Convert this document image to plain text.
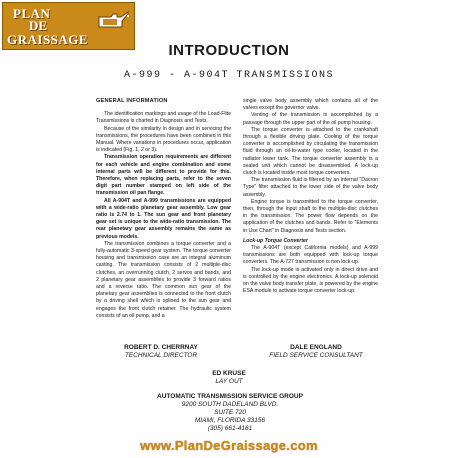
PLAN
DE
GRAISSAGE
INTRODUCTION
A-999 - A-904T TRANSMISSIONS

GENERAL INFORMATION

The identification markings and usage of the Load-Flite Transmissions is charted in Diagnosis and Tests.

Because of the similarity in design and in servicing the transmissions, the procedures have been combined in this Manual. Where variations in procedures occur, application is indicated (Fig. 1, 2 or 3).

Transmission operation requirements are different for each vehicle and engine combination and some internal parts will be different to provide for this. Therefore, when replacing parts, refer to the seven digit part number stamped on left side of the transmission oil pan flange.

All A-904T and A-999 transmissions are equipped with a wide-ratio planetary gear assembly. Low gear ratio is 2.74 to 1. The sun gear and front planetary gear set is unique to the wide-ratio transmission. The rear planetary gear assembly remains the same as previous models.

The transmission combines a torque converter and a fully-automatic 3-speed gear system. The torque converter housing and transmission case are an integral aluminum casting. The transmission consists of 2 multiple-disc clutches, an overrunning clutch, 2 servos and bands, and 2 planetary gear assemblies to provide 3 forward ratios and a reverse ratio. The common sun gear of the planetary gear assemblies is connected to the front clutch by a driving shell which is splined to the sun gear and engages the front clutch retainer. The hydraulic system consists of an oil pump, and a

single valve body assembly which contains all of the valves except the governor valve.

Venting of the transmission is accomplished by a passage through the upper part of the oil pump housing.

The torque converter is attached to the crankshaft through a flexible driving plate. Cooling of the torque converter is accomplished by circulating the transmission fluid through an oil-to-water type cooler, located in the radiator lower tank. The torque converter assembly is a sealed unit which cannot be disassembled. A lock-up clutch is located inside most torque converters.

The transmission fluid is filtered by an internal "Dacron Type" filter attached to the lower side of the valve body assembly.

Engine torque is transmitted to the torque converter, then, through the input shaft to the multiple-disc clutches in the transmission. The power flow depends on the application of the clutches and bands. Refer to "Elements in Use Chart" in Diagnosis and Tests section.

Lock-up Torque Converter

The A-904T (except California models) and A-999 transmissions are both equipped with lock-up torque converters. The A-727 transmission is non lock-up.

The lock-up mode is activated only in direct drive and is controlled by the engine electronics. A lock-up solenoid on the valve body transfer plate, is powered by the engine ESA module to activate torque converter lock-up.

ROBERT D. CHERRNAY
TECHNICAL DIRECTOR
DALE ENGLAND
FIELD SERVICE CONSULTANT
ED KRUSE
LAY OUT
AUTOMATIC TRANSMISSION SERVICE GROUP
9200 SOUTH DADELAND BLVD.
SUITE 720
MIAMI, FLORIDA 33156
(305) 661-4161
www.PlanDeGraissage.com
